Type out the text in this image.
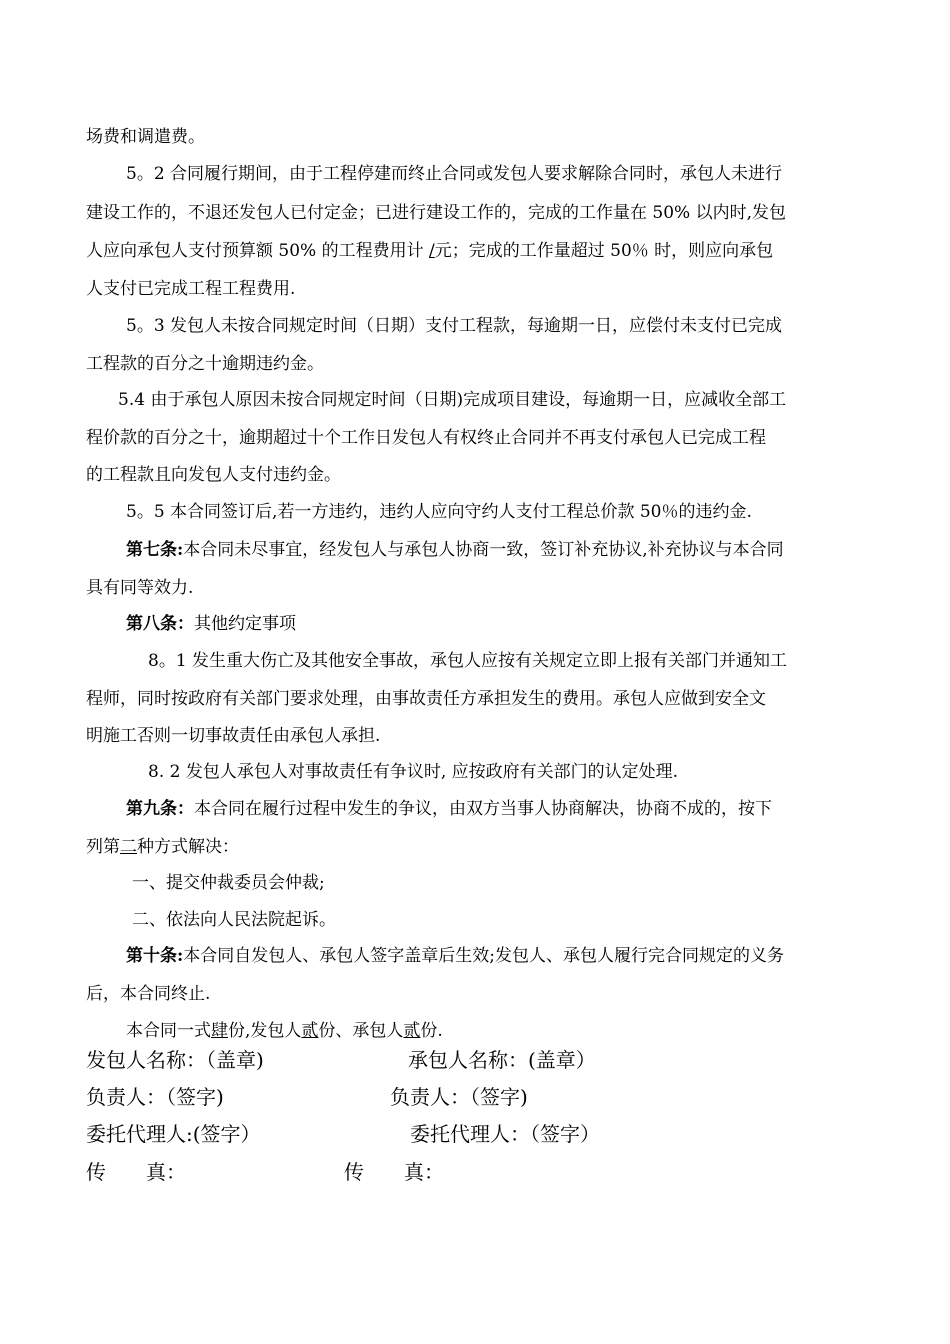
场费和调遣费。
5。2 合同履行期间，由于工程停建而终止合同或发包人要求解除合同时，承包人未进行
建设工作的，不退还发包人已付定金；已进行建设工作的，完成的工作量在 50% 以内时,发包
人应向承包人支付预算额 50% 的工程费用计 /元；完成的工作量超过 50％ 时，则应向承包
人支付已完成工程工程费用.
5。3 发包人未按合同规定时间（日期）支付工程款，每逾期一日，应偿付未支付已完成
工程款的百分之十逾期违约金。
5.4 由于承包人原因未按合同规定时间（日期)完成项目建设，每逾期一日，应减收全部工
程价款的百分之十，逾期超过十个工作日发包人有权终止合同并不再支付承包人已完成工程
的工程款且向发包人支付违约金。
5。5 本合同签订后,若一方违约，违约人应向守约人支付工程总价款 50％的违约金.
第七条:本合同未尽事宜，经发包人与承包人协商一致，签订补充协议,补充协议与本合同
具有同等效力.
第八条：其他约定事项
8。1 发生重大伤亡及其他安全事故，承包人应按有关规定立即上报有关部门并通知工
程师，同时按政府有关部门要求处理，由事故责任方承担发生的费用。承包人应做到安全文
明施工否则一切事故责任由承包人承担.
8. 2 发包人承包人对事故责任有争议时, 应按政府有关部门的认定处理.
第九条：本合同在履行过程中发生的争议，由双方当事人协商解决，协商不成的，按下
列第二种方式解决：
一、提交仲裁委员会仲裁;
二、依法向人民法院起诉。
第十条:本合同自发包人、承包人签字盖章后生效;发包人、承包人履行完合同规定的义务
后，本合同终止.
本合同一式肆份,发包人贰份、承包人贰份.
发包人名称：（盖章)	承包人名称：(盖章）
负责人：（签字)	负责人：（签字)
委托代理人:(签字）	委托代理人：（签字）
传　　真：	传　　真：
